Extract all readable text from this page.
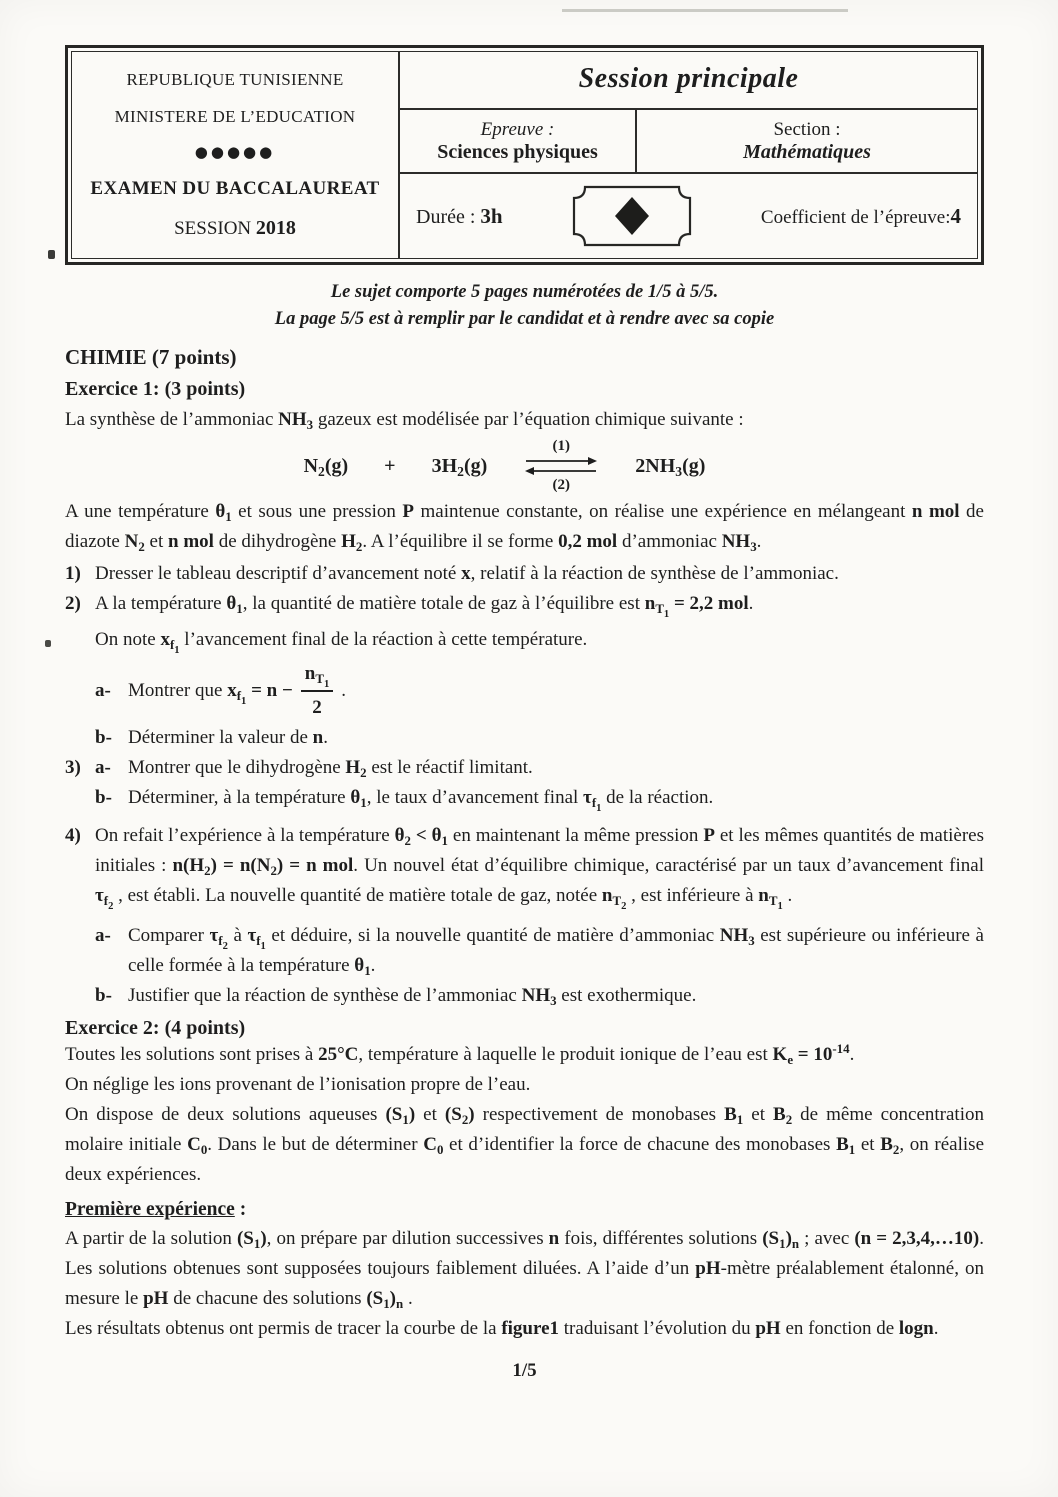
REPUBLIQUE TUNISIENNE
MINISTERE DE L’EDUCATION
●●●●●
EXAMEN DU BACCALAUREAT
SESSION 2018
Session principale
Epreuve :
Sciences physiques
Section :
Mathématiques
Durée : 3h	Coefficient de l’épreuve:4
Le sujet comporte 5 pages numérotées de 1/5 à 5/5.
La page 5/5 est à remplir par le candidat et à rendre avec sa copie
CHIMIE (7 points)
Exercice 1: (3 points)
La synthèse de l’ammoniac $NH_3$ gazeux est modélisée par l’équation chimique suivante :
$N_2(g) + 3H_2(g)$
(1)
(2)
$2NH_3(g)$
A une température $\theta_1$ et sous une pression P maintenue constante, on réalise une expérience en mélangeant n mol de diazote $N_2$ et n mol de dihydrogène $H_2$. A l’équilibre il se forme 0,2 mol d’ammoniac $NH_3$.
1) Dresser le tableau descriptif d’avancement noté x, relatif à la réaction de synthèse de l’ammoniac.
2) A la température $\theta_1$, la quantité de matière totale de gaz à l’équilibre est $n_{T_1} = 2,2$ mol.
On note $x_{f_1}$ l’avancement final de la réaction à cette température.
a- Montrer que $x_{f_1} = n - \frac{n_{T_1}}{2}$ .
b- Déterminer la valeur de n.
3) a- Montrer que le dihydrogène $H_2$ est le réactif limitant.
b- Déterminer, à la température $\theta_1$, le taux d’avancement final $\tau_{f_1}$ de la réaction.
4) On refait l’expérience à la température $\theta_2 < \theta_1$ en maintenant la même pression P et les mêmes quantités de matières initiales : $n(H_2) = n(N_2) = n$ mol. Un nouvel état d’équilibre chimique, caractérisé par un taux d’avancement final $\tau_{f_2}$ , est établi. La nouvelle quantité de matière totale de gaz, notée $n_{T_2}$ , est inférieure à $n_{T_1}$ .
a- Comparer $\tau_{f_2}$ à $\tau_{f_1}$ et déduire, si la nouvelle quantité de matière d’ammoniac $NH_3$ est supérieure ou inférieure à celle formée à la température $\theta_1$.
b- Justifier que la réaction de synthèse de l’ammoniac $NH_3$ est exothermique.
Exercice 2: (4 points)
Toutes les solutions sont prises à 25°C, température à laquelle le produit ionique de l’eau est $K_e = 10^{-14}$.
On néglige les ions provenant de l’ionisation propre de l’eau.
On dispose de deux solutions aqueuses $(S_1)$ et $(S_2)$ respectivement de monobases $B_1$ et $B_2$ de même concentration molaire initiale $C_0$. Dans le but de déterminer $C_0$ et d’identifier la force de chacune des monobases $B_1$ et $B_2$, on réalise deux expériences.
Première expérience :
A partir de la solution $(S_1)$, on prépare par dilution successives n fois, différentes solutions $(S_1)_n$ ; avec (n = 2,3,4,…10). Les solutions obtenues sont supposées toujours faiblement diluées. A l’aide d’un pH-mètre préalablement étalonné, on mesure le pH de chacune des solutions $(S_1)_n$ .
Les résultats obtenus ont permis de tracer la courbe de la figure1 traduisant l’évolution du pH en fonction de logn.
1/5
